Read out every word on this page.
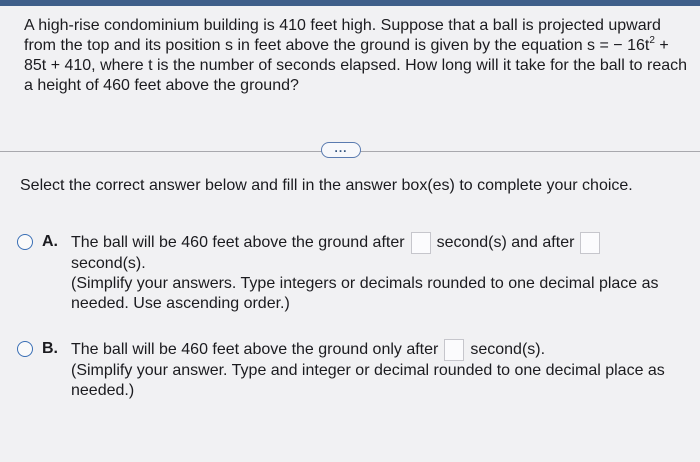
A high-rise condominium building is 410 feet high. Suppose that a ball is projected upward from the top and its position s in feet above the ground is given by the equation s = − $16t^2 + 85t + 410$, where t is the number of seconds elapsed. How long will it take for the ball to reach a height of 460 feet above the ground?

...
Select the correct answer below and fill in the answer box(es) to complete your choice.
A. The ball will be 460 feet above the ground after second(s) and after
second(s).
(Simplify your answers. Type integers or decimals rounded to one decimal place as needed. Use ascending order.)
B. The ball will be 460 feet above the ground only after second(s).
(Simplify your answer. Type and integer or decimal rounded to one decimal place as needed.)
